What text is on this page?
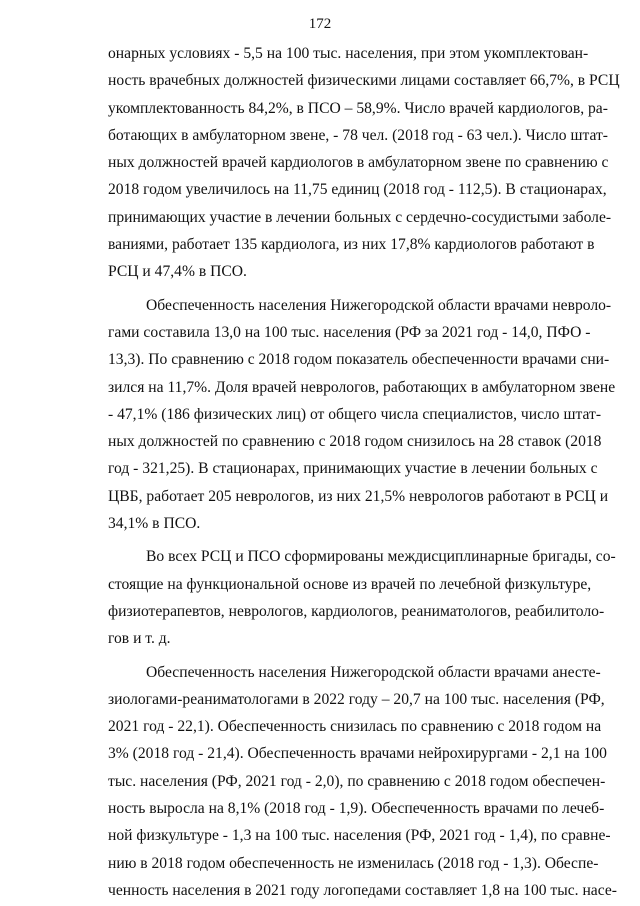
172
онарных условиях - 5,5 на 100 тыс. населения, при этом укомплектован-
ность врачебных должностей физическими лицами составляет 66,7%, в РСЦ
укомплектованность 84,2%, в ПСО – 58,9%. Число врачей кардиологов, ра-
ботающих в амбулаторном звене, - 78 чел. (2018 год - 63 чел.). Число штат-
ных должностей врачей кардиологов в амбулаторном звене по сравнению с
2018 годом увеличилось на 11,75 единиц (2018 год - 112,5). В стационарах,
принимающих участие в лечении больных с сердечно-сосудистыми заболе-
ваниями, работает 135 кардиолога, из них 17,8% кардиологов работают в
РСЦ и 47,4% в ПСО.
Обеспеченность населения Нижегородской области врачами невроло-
гами составила 13,0 на 100 тыс. населения (РФ за 2021 год - 14,0, ПФО -
13,3). По сравнению с 2018 годом показатель обеспеченности врачами сни-
зился на 11,7%. Доля врачей неврологов, работающих в амбулаторном звене
- 47,1% (186 физических лиц) от общего числа специалистов, число штат-
ных должностей по сравнению с 2018 годом снизилось на 28 ставок (2018
год - 321,25). В стационарах, принимающих участие в лечении больных с
ЦВБ, работает 205 неврологов, из них 21,5% неврологов работают в РСЦ и
34,1% в ПСО.
Во всех РСЦ и ПСО сформированы междисциплинарные бригады, со-
стоящие на функциональной основе из врачей по лечебной физкультуре,
физиотерапевтов, неврологов, кардиологов, реаниматологов, реабилитоло-
гов и т. д.
Обеспеченность населения Нижегородской области врачами анесте-
зиологами-реаниматологами в 2022 году – 20,7 на 100 тыс. населения (РФ,
2021 год - 22,1). Обеспеченность снизилась по сравнению с 2018 годом на
3% (2018 год - 21,4). Обеспеченность врачами нейрохирургами - 2,1 на 100
тыс. населения (РФ, 2021 год - 2,0), по сравнению с 2018 годом обеспечен-
ность выросла на 8,1% (2018 год - 1,9). Обеспеченность врачами по лечеб-
ной физкультуре - 1,3 на 100 тыс. населения (РФ, 2021 год - 1,4), по сравне-
нию в 2018 годом обеспеченность не изменилась (2018 год - 1,3). Обеспе-
ченность населения в 2021 году логопедами составляет 1,8 на 100 тыс. насе-
